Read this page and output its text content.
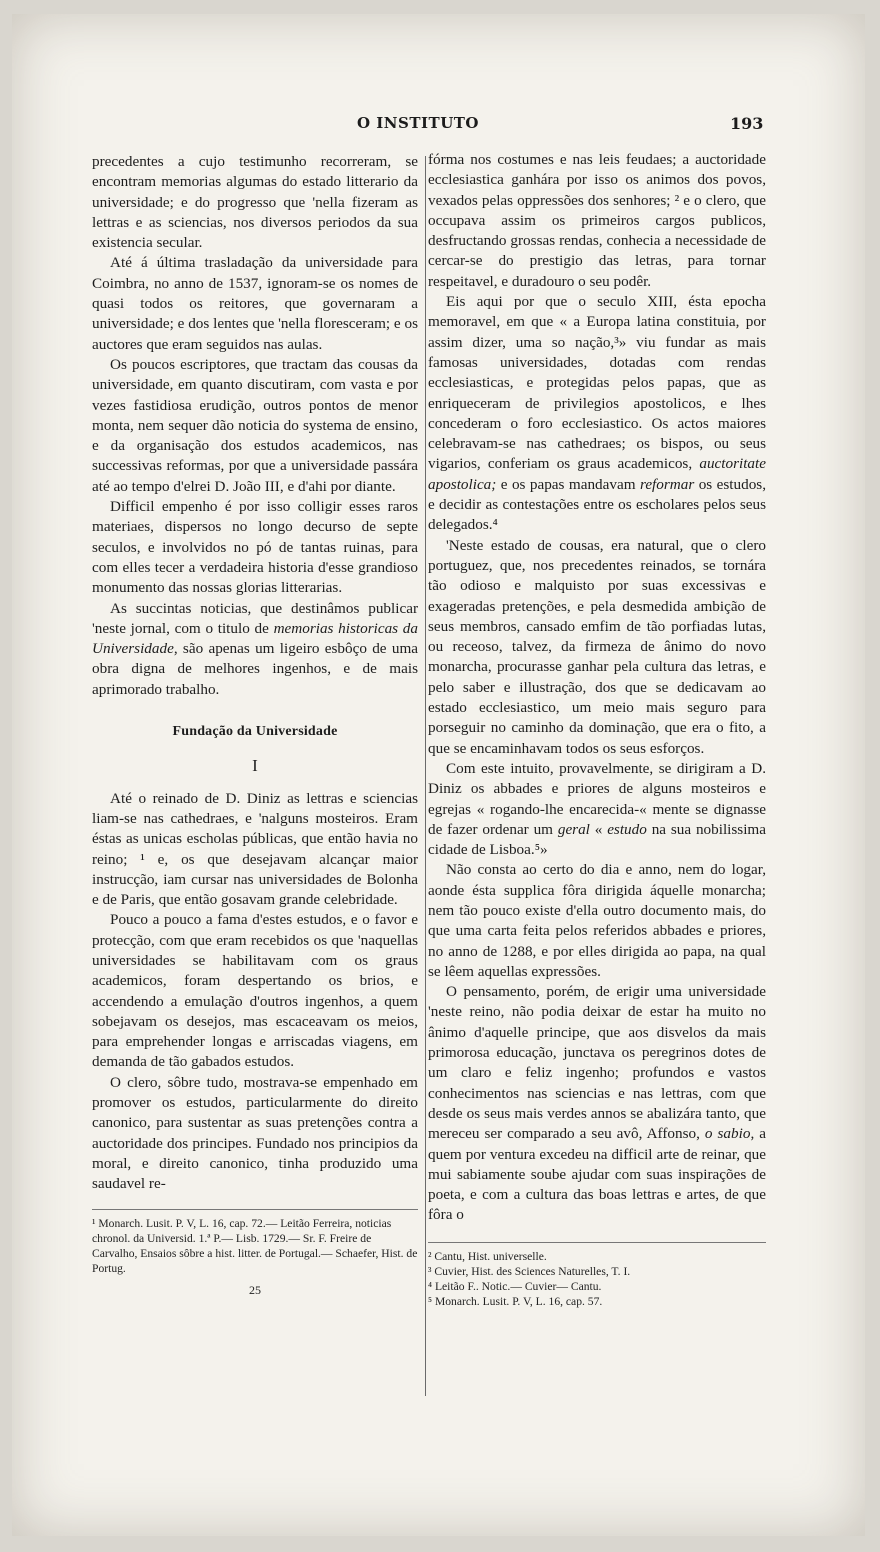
O INSTITUTO	193

precedentes a cujo testimunho recorreram, se encontram memorias algumas do estado litterario da universidade; e do progresso que 'nella fizeram as lettras e as sciencias, nos diversos periodos da sua existencia secular.

Até á última trasladação da universidade para Coimbra, no anno de 1537, ignoram-se os nomes de quasi todos os reitores, que governaram a universidade; e dos lentes que 'nella floresceram; e os auctores que eram seguidos nas aulas.

Os poucos escriptores, que tractam das cousas da universidade, em quanto discutiram, com vasta e por vezes fastidiosa erudição, outros pontos de menor monta, nem sequer dão noticia do systema de ensino, e da organisação dos estudos academicos, nas successivas reformas, por que a universidade passára até ao tempo d'elrei D. João III, e d'ahi por diante.

Difficil empenho é por isso colligir esses raros materiaes, dispersos no longo decurso de septe seculos, e involvidos no pó de tantas ruinas, para com elles tecer a verdadeira historia d'esse grandioso monumento das nossas glorias litterarias.

As succintas noticias, que destinâmos publicar 'neste jornal, com o titulo de memorias historicas da Universidade, são apenas um ligeiro esbôço de uma obra digna de melhores ingenhos, e de mais aprimorado trabalho.

Fundação da Universidade
I

Até o reinado de D. Diniz as lettras e sciencias liam-se nas cathedraes, e 'nalguns mosteiros. Eram éstas as unicas escholas públicas, que então havia no reino; ¹ e, os que desejavam alcançar maior instrucção, iam cursar nas universidades de Bolonha e de Paris, que então gosavam grande celebridade.

Pouco a pouco a fama d'estes estudos, e o favor e protecção, com que eram recebidos os que 'naquellas universidades se habilitavam com os graus academicos, foram despertando os brios, e accendendo a emulação d'outros ingenhos, a quem sobejavam os desejos, mas escaceavam os meios, para emprehender longas e arriscadas viagens, em demanda de tão gabados estudos.

O clero, sôbre tudo, mostrava-se empenhado em promover os estudos, particularmente do direito canonico, para sustentar as suas pretenções contra a auctoridade dos principes. Fundado nos principios da moral, e direito canonico, tinha produzido uma saudavel re-

¹ Monarch. Lusit. P. V, L. 16, cap. 72.— Leitão Ferreira, noticias chronol. da Universid. 1.ª P.— Lisb. 1729.— Sr. F. Freire de Carvalho, Ensaios sôbre a hist. litter. de Portugal.— Schaefer, Hist. de Portug.

25

fórma nos costumes e nas leis feudaes; a auctoridade ecclesiastica ganhára por isso os animos dos povos, vexados pelas oppressões dos senhores; ² e o clero, que occupava assim os primeiros cargos publicos, desfructando grossas rendas, conhecia a necessidade de cercar-se do prestigio das letras, para tornar respeitavel, e duradouro o seu podêr.

Eis aqui por que o seculo XIII, ésta epocha memoravel, em que « a Europa latina constituia, por assim dizer, uma so nação,³» viu fundar as mais famosas universidades, dotadas com rendas ecclesiasticas, e protegidas pelos papas, que as enriqueceram de privilegios apostolicos, e lhes concederam o foro ecclesiastico. Os actos maiores celebravam-se nas cathedraes; os bispos, ou seus vigarios, conferiam os graus academicos, auctoritate apostolica; e os papas mandavam reformar os estudos, e decidir as contestações entre os escholares pelos seus delegados.⁴

'Neste estado de cousas, era natural, que o clero portuguez, que, nos precedentes reinados, se tornára tão odioso e malquisto por suas excessivas e exageradas pretenções, e pela desmedida ambição de seus membros, cansado emfim de tão porfiadas lutas, ou receoso, talvez, da firmeza de ânimo do novo monarcha, procurasse ganhar pela cultura das letras, e pelo saber e illustração, dos que se dedicavam ao estado ecclesiastico, um meio mais seguro para porseguir no caminho da dominação, que era o fito, a que se encaminhavam todos os seus esforços.

Com este intuito, provavelmente, se dirigiram a D. Diniz os abbades e priores de alguns mosteiros e egrejas « rogando-lhe encarecida-« mente se dignasse de fazer ordenar um geral « estudo na sua nobilissima cidade de Lisboa.⁵»

Não consta ao certo do dia e anno, nem do logar, aonde ésta supplica fôra dirigida áquelle monarcha; nem tão pouco existe d'ella outro documento mais, do que uma carta feita pelos referidos abbades e priores, no anno de 1288, e por elles dirigida ao papa, na qual se lêem aquellas expressões.

O pensamento, porém, de erigir uma universidade 'neste reino, não podia deixar de estar ha muito no ânimo d'aquelle principe, que aos disvelos da mais primorosa educação, junctava os peregrinos dotes de um claro e feliz ingenho; profundos e vastos conhecimentos nas sciencias e nas lettras, com que desde os seus mais verdes annos se abalizára tanto, que mereceu ser comparado a seu avô, Affonso, o sabio, a quem por ventura excedeu na difficil arte de reinar, que mui sabiamente soube ajudar com suas inspirações de poeta, e com a cultura das boas lettras e artes, de que fôra o

² Cantu, Hist. universelle.

³ Cuvier, Hist. des Sciences Naturelles, T. I.

⁴ Leitão F.. Notic.— Cuvier— Cantu.

⁵ Monarch. Lusit. P. V, L. 16, cap. 57.
